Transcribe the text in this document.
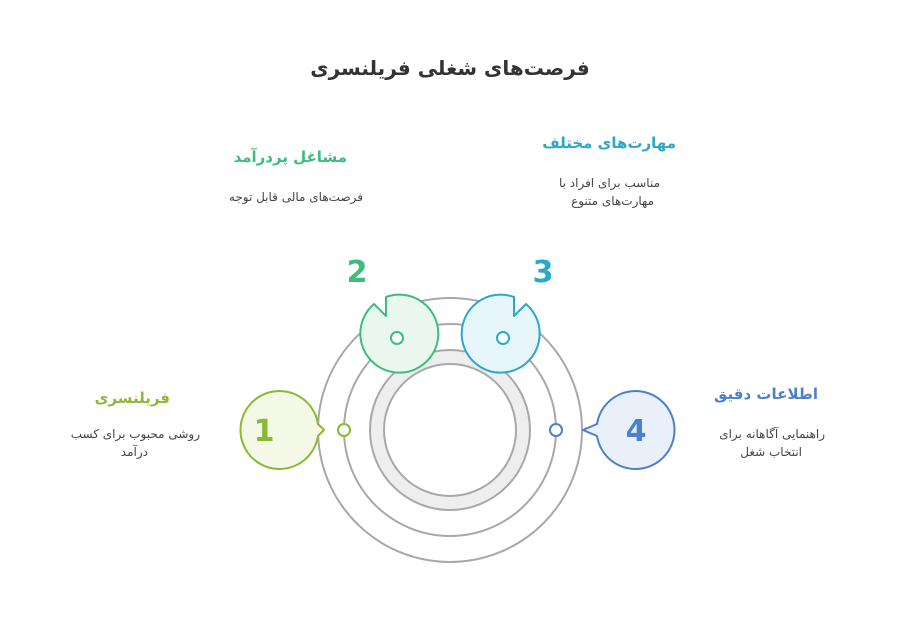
1
2	3
4
فرصت‌های شغلی فریلنسری
فریلنسری
روشی محبوب برای کسب
درآمد
مشاغل پردرآمد
فرصت‌های مالی قابل توجه
مهارت‌های مختلف
مناسب برای افراد با
مهارت‌های متنوع
اطلاعات دقیق
راهنمایی آگاهانه برای
انتخاب شغل
